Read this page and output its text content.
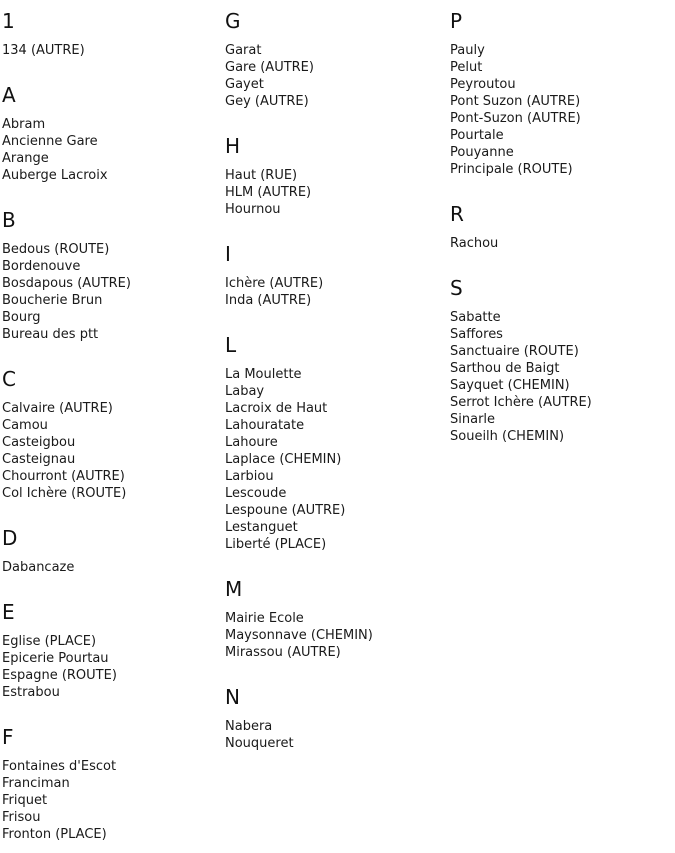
1
134 (AUTRE)
A
Abram
Ancienne Gare
Arange
Auberge Lacroix
B
Bedous (ROUTE)
Bordenouve
Bosdapous (AUTRE)
Boucherie Brun
Bourg
Bureau des ptt
C
Calvaire (AUTRE)
Camou
Casteigbou
Casteignau
Chourront (AUTRE)
Col Ichère (ROUTE)
D
Dabancaze
E
Eglise (PLACE)
Epicerie Pourtau
Espagne (ROUTE)
Estrabou
F
Fontaines d'Escot
Franciman
Friquet
Frisou
Fronton (PLACE)
G
Garat
Gare (AUTRE)
Gayet
Gey (AUTRE)
H
Haut (RUE)
HLM (AUTRE)
Hournou
I
Ichère (AUTRE)
Inda (AUTRE)
L
La Moulette
Labay
Lacroix de Haut
Lahouratate
Lahoure
Laplace (CHEMIN)
Larbiou
Lescoude
Lespoune (AUTRE)
Lestanguet
Liberté (PLACE)
M
Mairie Ecole
Maysonnave (CHEMIN)
Mirassou (AUTRE)
N
Nabera
Nouqueret
P
Pauly
Pelut
Peyroutou
Pont Suzon (AUTRE)
Pont-Suzon (AUTRE)
Pourtale
Pouyanne
Principale (ROUTE)
R
Rachou
S
Sabatte
Saffores
Sanctuaire (ROUTE)
Sarthou de Baigt
Sayquet (CHEMIN)
Serrot Ichère (AUTRE)
Sinarle
Soueilh (CHEMIN)
